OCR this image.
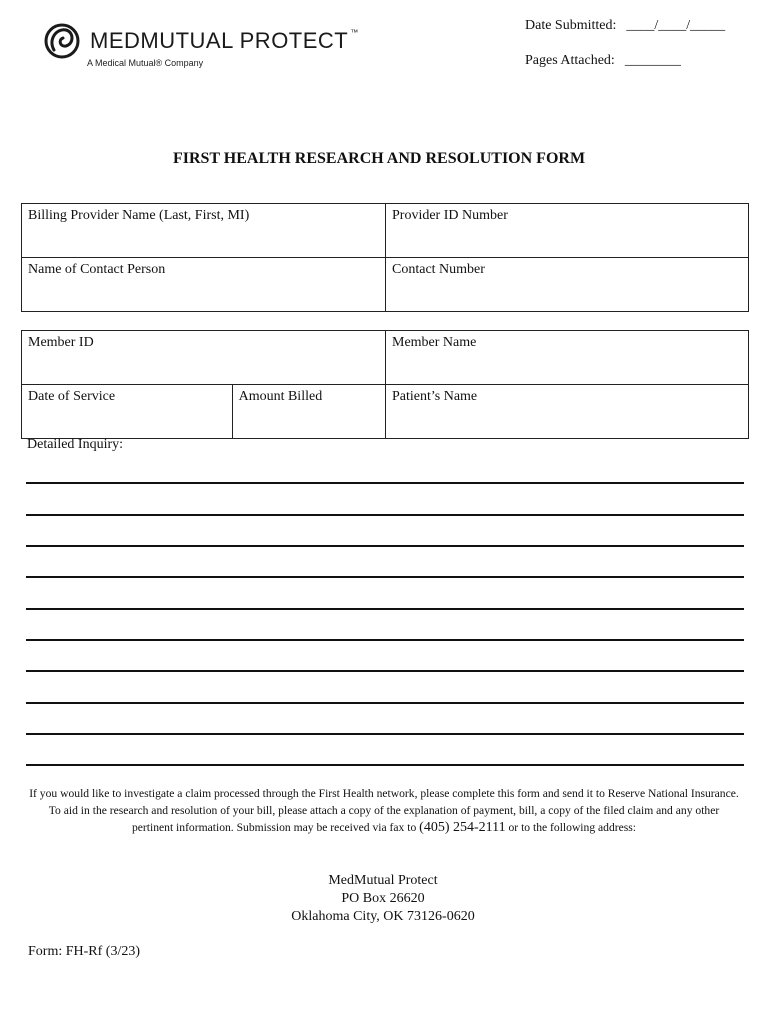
MEDMUTUAL PROTECT ™
A Medical Mutual® Company
Date Submitted: ____/____/_____
Pages Attached: ________
FIRST HEALTH RESEARCH AND RESOLUTION FORM
Billing Provider Name (Last, First, MI)	Provider ID Number
Name of Contact Person	Contact Number
Member ID		Member Name
Date of Service	Amount Billed	Patient’s Name
Detailed Inquiry:
If you would like to investigate a claim processed through the First Health network, please complete this form and send it to Reserve National Insurance. To aid in the research and resolution of your bill, please attach a copy of the explanation of payment, bill, a copy of the filed claim and any other pertinent information. Submission may be received via fax to (405) 254-2111 or to the following address:
MedMutual Protect
PO Box 26620
Oklahoma City, OK 73126-0620
Form: FH-Rf (3/23)
